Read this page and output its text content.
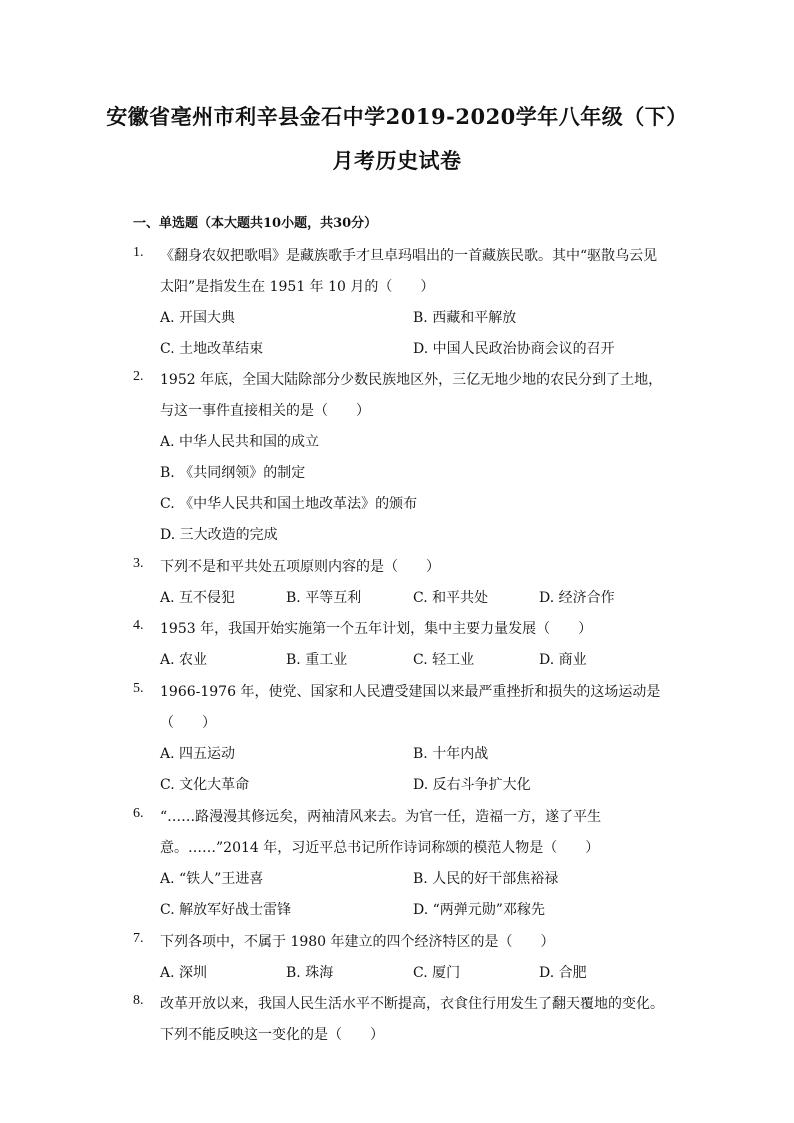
安徽省亳州市利辛县金石中学2019-2020学年八年级（下）
月考历史试卷
一、单选题（本大题共10小题，共30分）
1. 《翻身农奴把歌唱》是藏族歌手才旦卓玛唱出的一首藏族民歌。其中“驱散乌云见
太阳”是指发生在 1951 年 10 月的（　　）
A. 开国大典	B. 西藏和平解放
C. 土地改革结束	D. 中国人民政治协商会议的召开
2. 1952 年底，全国大陆除部分少数民族地区外，三亿无地少地的农民分到了土地，
与这一事件直接相关的是（　　）
A. 中华人民共和国的成立
B. 《共同纲领》的制定
C. 《中华人民共和国土地改革法》的颁布
D. 三大改造的完成
3. 下列不是和平共处五项原则内容的是（　　）
A. 互不侵犯	B. 平等互利	C. 和平共处	D. 经济合作
4. 1953 年，我国开始实施第一个五年计划，集中主要力量发展（　　）
A. 农业	B. 重工业	C. 轻工业	D. 商业
5. 1966-1976 年，使党、国家和人民遭受建国以来最严重挫折和损失的这场运动是
（　　）
A. 四五运动	B. 十年内战
C. 文化大革命	D. 反右斗争扩大化
6. “……路漫漫其修远矣，两袖清风来去。为官一任，造福一方，遂了平生
意。……”2014 年，习近平总书记所作诗词称颂的模范人物是（　　）
A. “铁人”王进喜	B. 人民的好干部焦裕禄
C. 解放军好战士雷锋	D. “两弹元勋”邓稼先
7. 下列各项中，不属于 1980 年建立的四个经济特区的是（　　）
A. 深圳	B. 珠海	C. 厦门	D. 合肥
8. 改革开放以来，我国人民生活水平不断提高，衣食住行用发生了翻天覆地的变化。
下列不能反映这一变化的是（　　）
